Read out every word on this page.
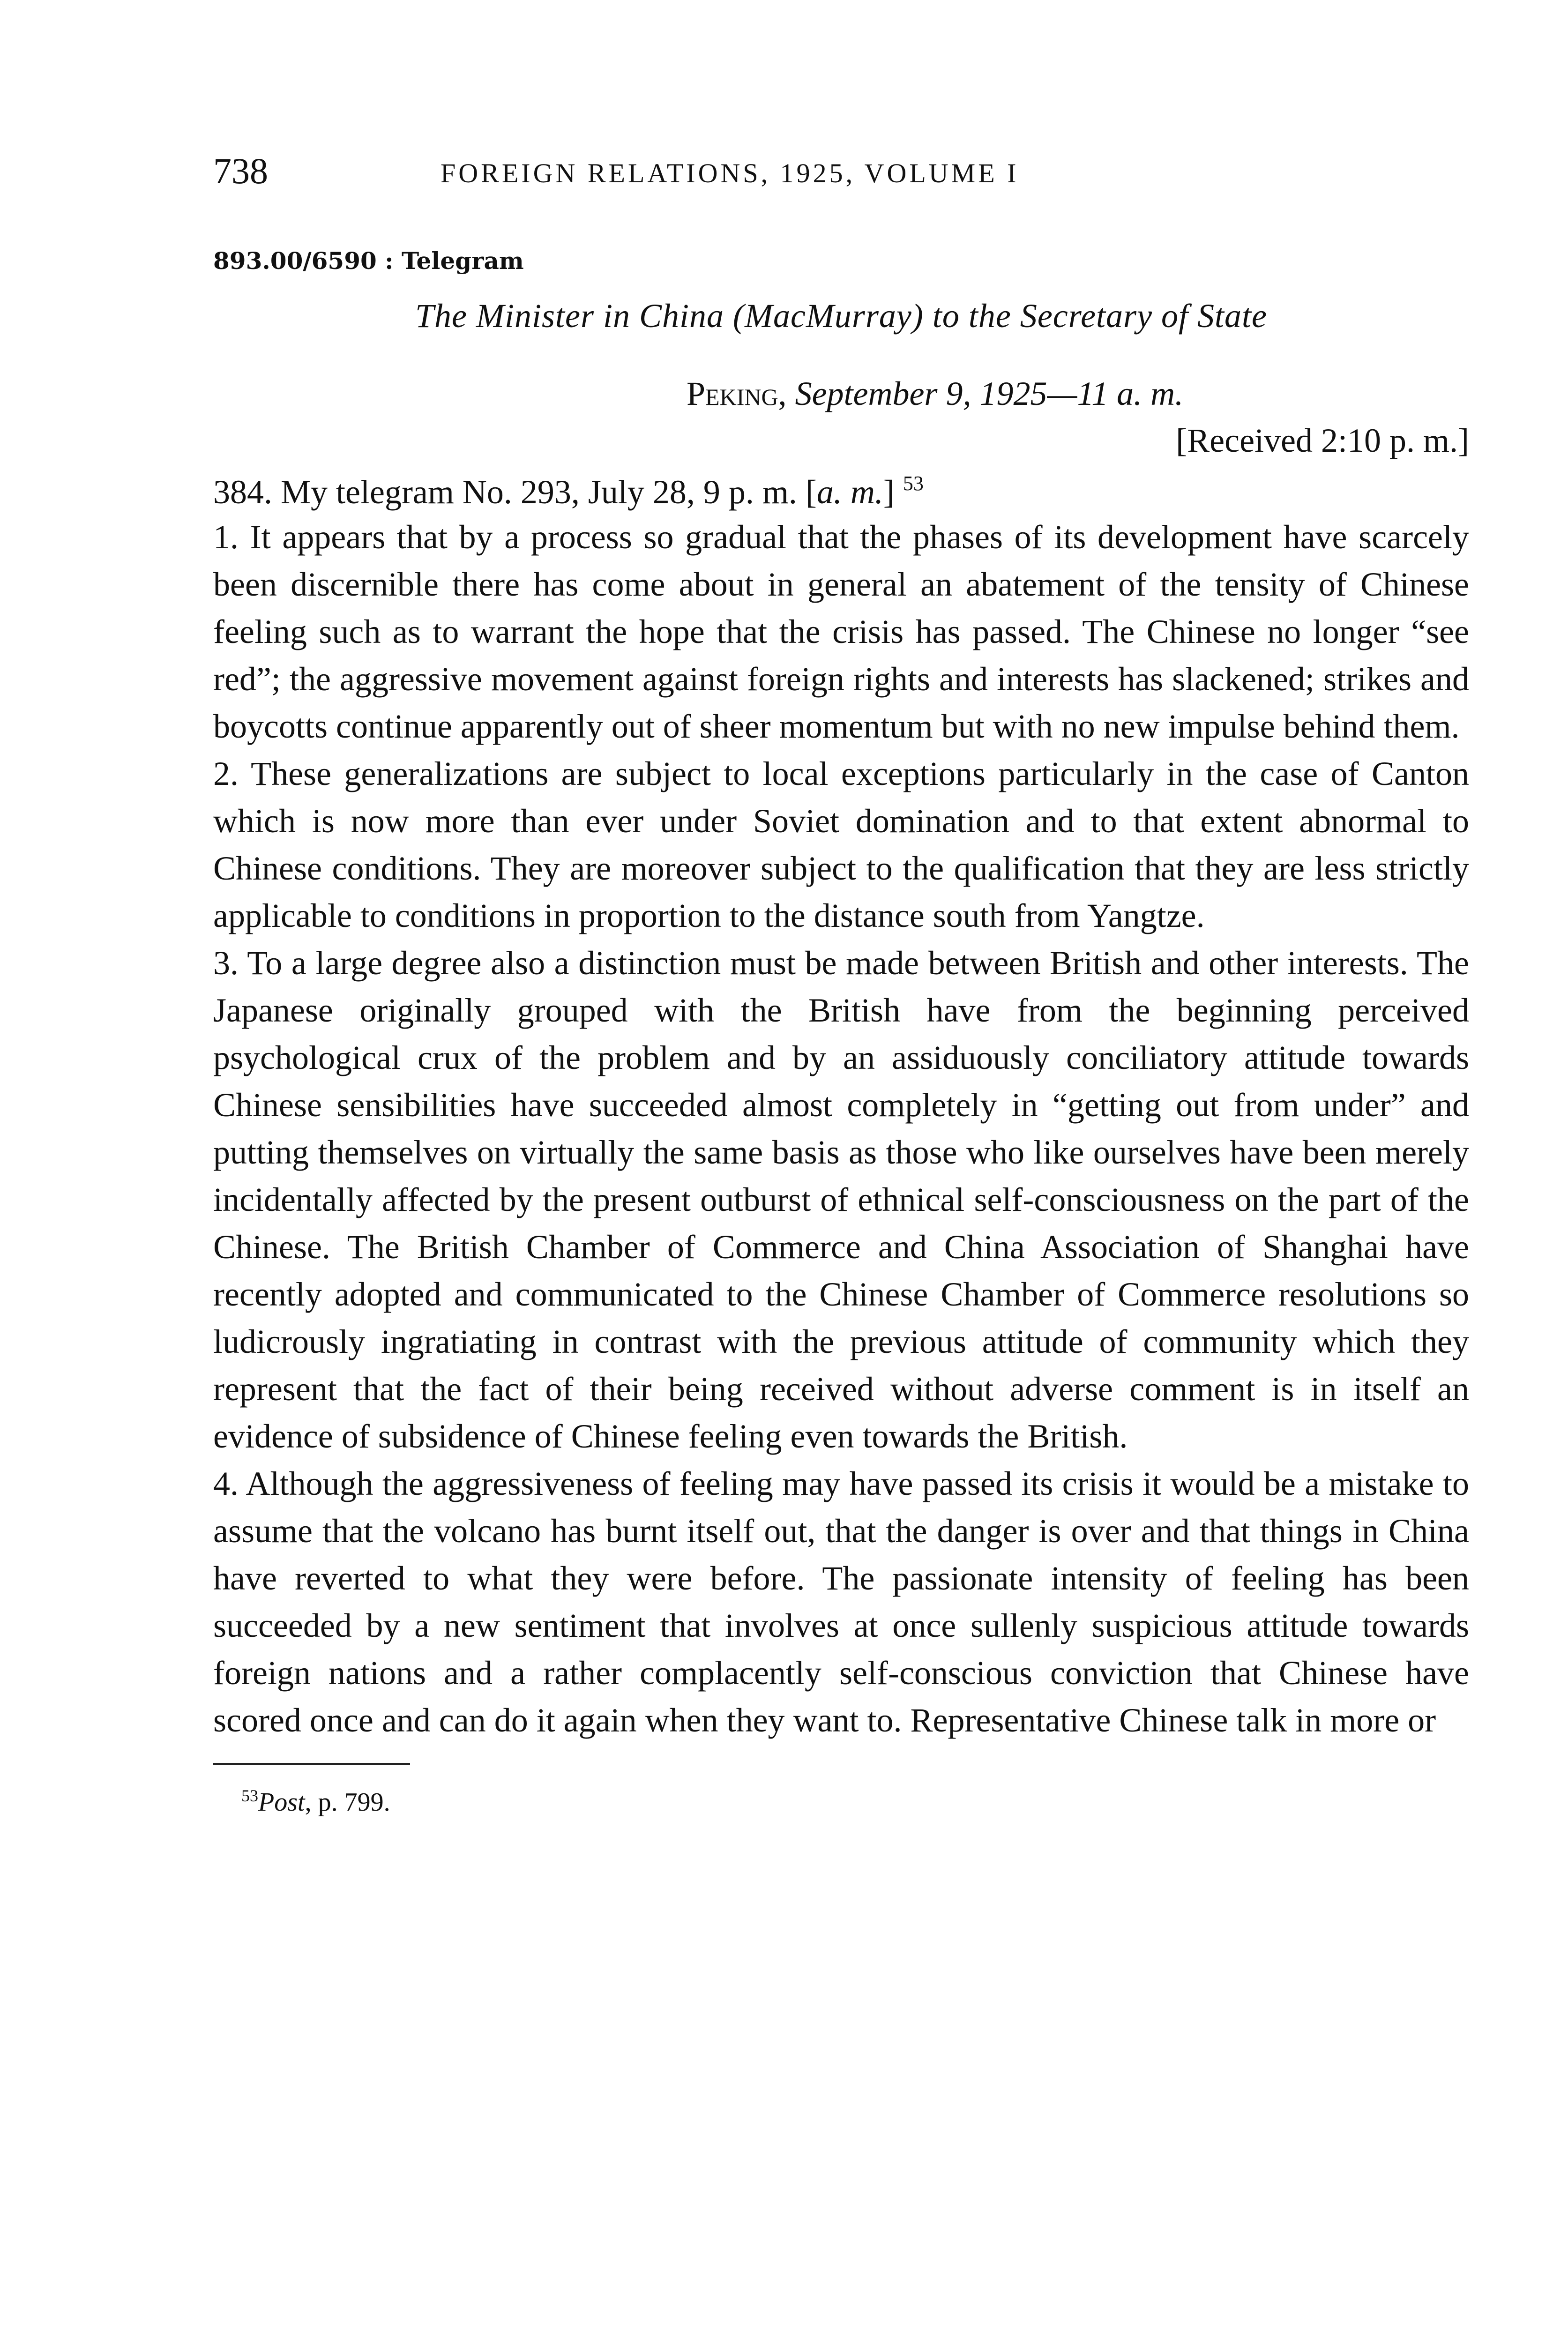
738	FOREIGN RELATIONS, 1925, VOLUME I
893.00/6590 : Telegram
The Minister in China (MacMurray) to the Secretary of State
Peking, September 9, 1925—11 a. m.
[Received 2:10 p. m.]
384. My telegram No. 293, July 28, 9 p. m. [a. m.] $^{53}$

1. It appears that by a process so gradual that the phases of its development have scarcely been discernible there has come about in general an abatement of the tensity of Chinese feeling such as to warrant the hope that the crisis has passed. The Chinese no longer “see red”; the aggressive movement against foreign rights and interests has slackened; strikes and boycotts continue apparently out of sheer momentum but with no new impulse behind them.

2. These generalizations are subject to local exceptions particularly in the case of Canton which is now more than ever under Soviet domination and to that extent abnormal to Chinese conditions. They are moreover subject to the qualification that they are less strictly applicable to conditions in proportion to the distance south from Yangtze.

3. To a large degree also a distinction must be made between British and other interests. The Japanese originally grouped with the British have from the beginning perceived psychological crux of the problem and by an assiduously conciliatory attitude towards Chinese sensibilities have succeeded almost completely in “getting out from under” and putting themselves on virtually the same basis as those who like ourselves have been merely incidentally affected by the present outburst of ethnical self-consciousness on the part of the Chinese. The British Chamber of Commerce and China Association of Shanghai have recently adopted and communicated to the Chinese Chamber of Commerce resolutions so ludicrously ingratiating in contrast with the previous attitude of community which they represent that the fact of their being received without adverse comment is in itself an evidence of subsidence of Chinese feeling even towards the British.

4. Although the aggressiveness of feeling may have passed its crisis it would be a mistake to assume that the volcano has burnt itself out, that the danger is over and that things in China have reverted to what they were before. The passionate intensity of feeling has been succeeded by a new sentiment that involves at once sullenly suspicious attitude towards foreign nations and a rather complacently self-conscious conviction that Chinese have scored once and can do it again when they want to. Representative Chinese talk in more or

$^{53}$Post, p. 799.
